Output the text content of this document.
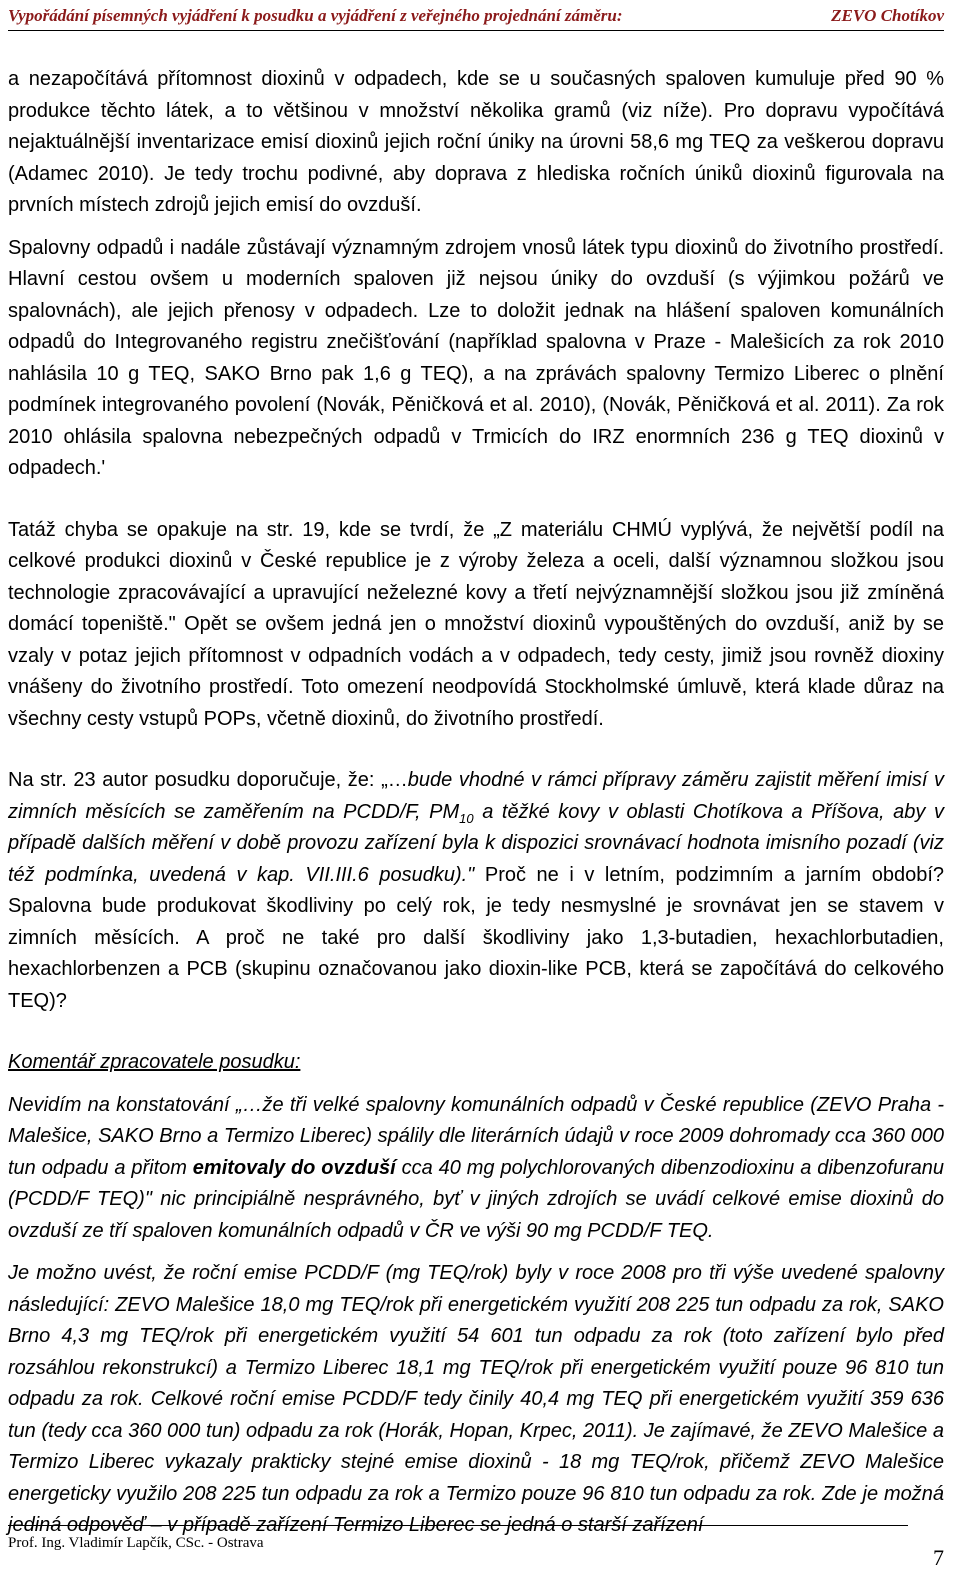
Vypořádání písemných vyjádření k posudku a vyjádření z veřejného projednání záměru:	ZEVO Chotíkov

a nezapočítává přítomnost dioxinů v odpadech, kde se u současných spaloven kumuluje před 90 % produkce těchto látek, a to většinou v množství několika gramů (viz níže). Pro dopravu vypočítává nejaktuálnější inventarizace emisí dioxinů jejich roční úniky na úrovni 58,6 mg TEQ za veškerou dopravu (Adamec 2010). Je tedy trochu podivné, aby doprava z hlediska ročních úniků dioxinů figurovala na prvních místech zdrojů jejich emisí do ovzduší.

Spalovny odpadů i nadále zůstávají významným zdrojem vnosů látek typu dioxinů do životního prostředí. Hlavní cestou ovšem u moderních spaloven již nejsou úniky do ovzduší (s výjimkou požárů ve spalovnách), ale jejich přenosy v odpadech. Lze to doložit jednak na hlášení spaloven komunálních odpadů do Integrovaného registru znečišťování (například spalovna v Praze - Malešicích za rok 2010 nahlásila 10 g TEQ, SAKO Brno pak 1,6 g TEQ), a na zprávách spalovny Termizo Liberec o plnění podmínek integrovaného povolení (Novák, Pěničková et al. 2010), (Novák, Pěničková et al. 2011). Za rok 2010 ohlásila spalovna nebezpečných odpadů v Trmicích do IRZ enormních 236 g TEQ dioxinů v odpadech.'

Tatáž chyba se opakuje na str. 19, kde se tvrdí, že „Z materiálu CHMÚ vyplývá, že největší podíl na celkové produkci dioxinů v České republice je z výroby železa a oceli, další významnou složkou jsou technologie zpracovávající a upravující neželezné kovy a třetí nejvýznamnější složkou jsou již zmíněná domácí topeniště." Opět se ovšem jedná jen o množství dioxinů vypouštěných do ovzduší, aniž by se vzaly v potaz jejich přítomnost v odpadních vodách a v odpadech, tedy cesty, jimiž jsou rovněž dioxiny vnášeny do životního prostředí. Toto omezení neodpovídá Stockholmské úmluvě, která klade důraz na všechny cesty vstupů POPs, včetně dioxinů, do životního prostředí.

Na str. 23 autor posudku doporučuje, že: „…bude vhodné v rámci přípravy záměru zajistit měření imisí v zimních měsících se zaměřením na PCDD/F, $PM_{10}$ a těžké kovy v oblasti Chotíkova a Příšova, aby v případě dalších měření v době provozu zařízení byla k dispozici srovnávací hodnota imisního pozadí (viz též podmínka, uvedená v kap. VII.III.6 posudku)." Proč ne i v letním, podzimním a jarním období? Spalovna bude produkovat škodliviny po celý rok, je tedy nesmyslné je srovnávat jen se stavem v zimních měsících. A proč ne také pro další škodliviny jako 1,3-butadien, hexachlorbutadien, hexachlorbenzen a PCB (skupinu označovanou jako dioxin-like PCB, která se započítává do celkového TEQ)?

Komentář zpracovatele posudku:

Nevidím na konstatování „…že tři velké spalovny komunálních odpadů v České republice (ZEVO Praha - Malešice, SAKO Brno a Termizo Liberec) spálily dle literárních údajů v roce 2009 dohromady cca 360 000 tun odpadu a přitom emitovaly do ovzduší cca 40 mg polychlorovaných dibenzodioxinu a dibenzofuranu (PCDD/F TEQ)" nic principiálně nesprávného, byť v jiných zdrojích se uvádí celkové emise dioxinů do ovzduší ze tří spaloven komunálních odpadů v ČR ve výši 90 mg PCDD/F TEQ.

Je možno uvést, že roční emise PCDD/F (mg TEQ/rok) byly v roce 2008 pro tři výše uvedené spalovny následující: ZEVO Malešice 18,0 mg TEQ/rok při energetickém využití 208 225 tun odpadu za rok, SAKO Brno 4,3 mg TEQ/rok při energetickém využití 54 601 tun odpadu za rok (toto zařízení bylo před rozsáhlou rekonstrukcí) a Termizo Liberec 18,1 mg TEQ/rok při energetickém využití pouze 96 810 tun odpadu za rok. Celkové roční emise PCDD/F tedy činily 40,4 mg TEQ při energetickém využití 359 636 tun (tedy cca 360 000 tun) odpadu za rok (Horák, Hopan, Krpec, 2011). Je zajímavé, že ZEVO Malešice a Termizo Liberec vykazaly prakticky stejné emise dioxinů - 18 mg TEQ/rok, přičemž ZEVO Malešice energeticky využilo 208 225 tun odpadu za rok a Termizo pouze 96 810 tun odpadu za rok. Zde je možná jediná odpověď – v případě zařízení Termizo Liberec se jedná o starší zařízení

Prof. Ing. Vladimír Lapčík, CSc. - Ostrava
7
